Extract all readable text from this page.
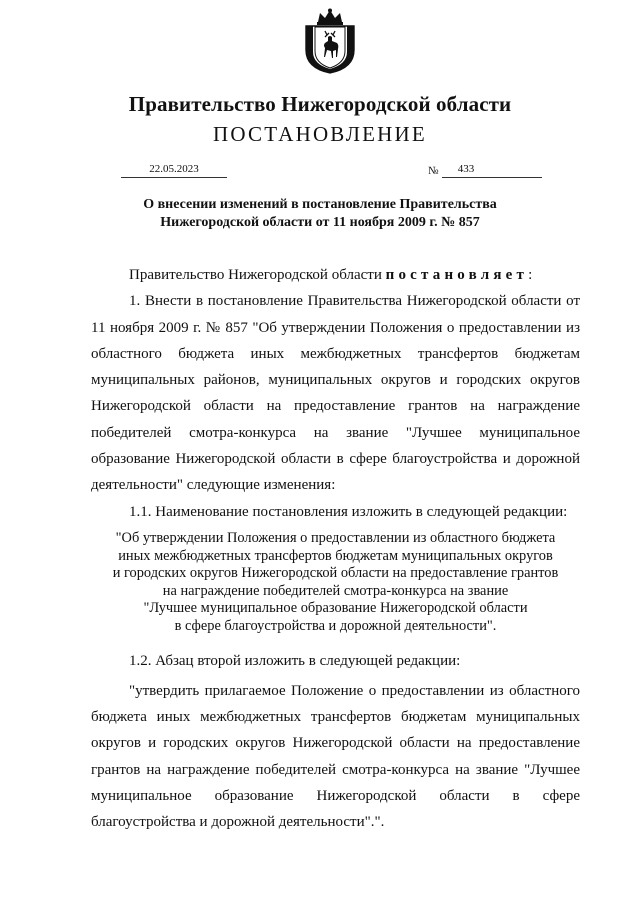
Правительство Нижегородской области
ПОСТАНОВЛЕНИЕ
22.05.2023	№	433
О внесении изменений в постановление Правительства
Нижегородской области от 11 ноября 2009 г. № 857

Правительство Нижегородской области постановляет:

1. Внести в постановление Правительства Нижегородской области от 11 ноября 2009 г. № 857 "Об утверждении Положения о предоставлении из областного бюджета иных межбюджетных трансфертов бюджетам муниципальных районов, муниципальных округов и городских округов Нижегородской области на предоставление грантов на награждение победителей смотра-конкурса на звание "Лучшее муниципальное образование Нижегородской области в сфере благоустройства и дорожной деятельности" следующие изменения:

1.1. Наименование постановления изложить в следующей редакции:

"Об утверждении Положения о предоставлении из областного бюджета
иных межбюджетных трансфертов бюджетам муниципальных округов
и городских округов Нижегородской области на предоставление грантов
на награждение победителей смотра-конкурса на звание
"Лучшее муниципальное образование Нижегородской области
в сфере благоустройства и дорожной деятельности".

1.2. Абзац второй изложить в следующей редакции:

"утвердить прилагаемое Положение о предоставлении из областного бюджета иных межбюджетных трансфертов бюджетам муниципальных округов и городских округов Нижегородской области на предоставление грантов на награждение победителей смотра-конкурса на звание "Лучшее муниципальное образование Нижегородской области в сфере благоустройства и дорожной деятельности".".
